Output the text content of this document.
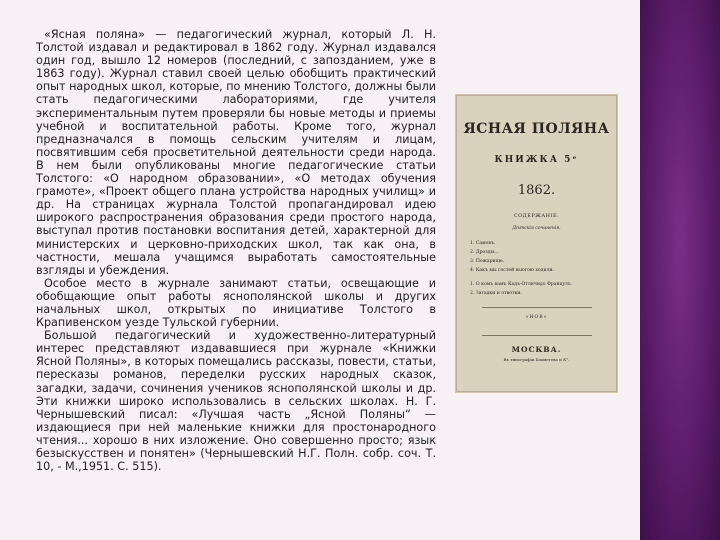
«Ясная поляна» — педагогический журнал, который Л. Н. Толстой издавал и редактировал в 1862 году. Журнал издавался один год, вышло 12 номеров (последний, с запозданием, уже в 1863 году). Журнал ставил своей целью обобщить практический опыт народных школ, которые, по мнению Толстого, должны были стать педагогическими лабораториями, где учителя экспериментальным путем проверяли бы новые методы и приемы учебной и воспитательной работы. Кроме того, журнал предназначался в помощь сельским учителям и лицам, посвятившим себя просветительной деятельности среди народа. В нем были опубликованы многие педагогические статьи Толстого: «О народном образовании», «О методах обучения грамоте», «Проект общего плана устройства народных училищ» и др. На страницах журнала Толстой пропагандировал идею широкого распространения образования среди простого народа, выступал против постановки воспитания детей, характерной для министерских и церковно-приходских школ, так как она, в частности, мешала учащимся выработать самостоятельные взгляды и убеждения.
Особое место в журнале занимают статьи, освещающие и обобщающие опыт работы яснополянской школы и других начальных школ, открытых по инициативе Толстого в Крапивенском уезде Тульской губернии.
Большой педагогический и художественно-литературный интерес представляют издававшиеся при журнале «Книжки Ясной Поляны», в которых помещались рассказы, повести, статьи, пересказы романов, переделки русских народных сказок, загадки, задачи, сочинения учеников яснополянской школы и др. Эти книжки широко использовались в сельских школах. Н. Г. Чернышевский писал: «Лучшая часть „Ясной Поляны“ — издающиеся при ней маленькие книжки для простонародного чтения... хорошо в них изложение. Оно совершенно просто; язык безыскусствен и понятен» (Чернышевский Н.Г. Полн. собр. соч. Т. 10, - М.,1951. С. 515).
ЯСНАЯ ПОЛЯНА
КНИЖКА 5ᵉ
1862.
СОДЕРЖАНІЕ.
Дѣтскія сочиненія.
1. Самовъ.
2. Дрозды...
3. Пожарище.
4. Какъ мы гостей вьюгою ходили.
1. О комъ вамъ Кадъ-Отличидо Французъ.
2. Загадки и ответки.
«НОВ»
МОСКВА.
Въ типографіи Бахметева и К°.
